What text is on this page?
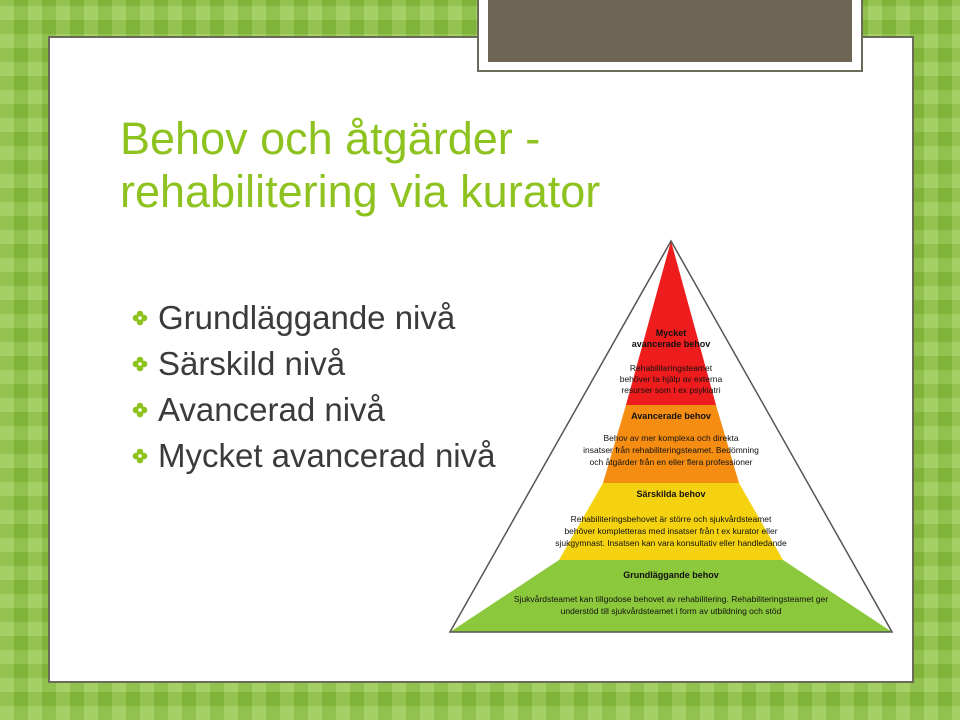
Behov och åtgärder -
rehabilitering via kurator
Grundläggande nivå
Särskild nivå
Avancerad nivå
Mycket avancerad nivå
Mycket
avancerade behov
Rehabiliteringsteamet
behöver ta hjälp av externa
resurser som t ex psykiatri
Avancerade behov
Behov av mer komplexa och direkta
insatser från rehabiliteringsteamet. Bedömning
och åtgärder från en eller flera professioner
Särskilda behov
Rehabiliteringsbehovet är större och sjukvårdsteamet
behöver kompletteras med insatser från t ex kurator eller
sjukgymnast. Insatsen kan vara konsultativ eller handledande
Grundläggande behov
Sjukvårdsteamet kan tillgodose behovet av rehabilitering. Rehabiliteringsteamet ger
understöd till sjukvårdsteamet i form av utbildning och stöd
